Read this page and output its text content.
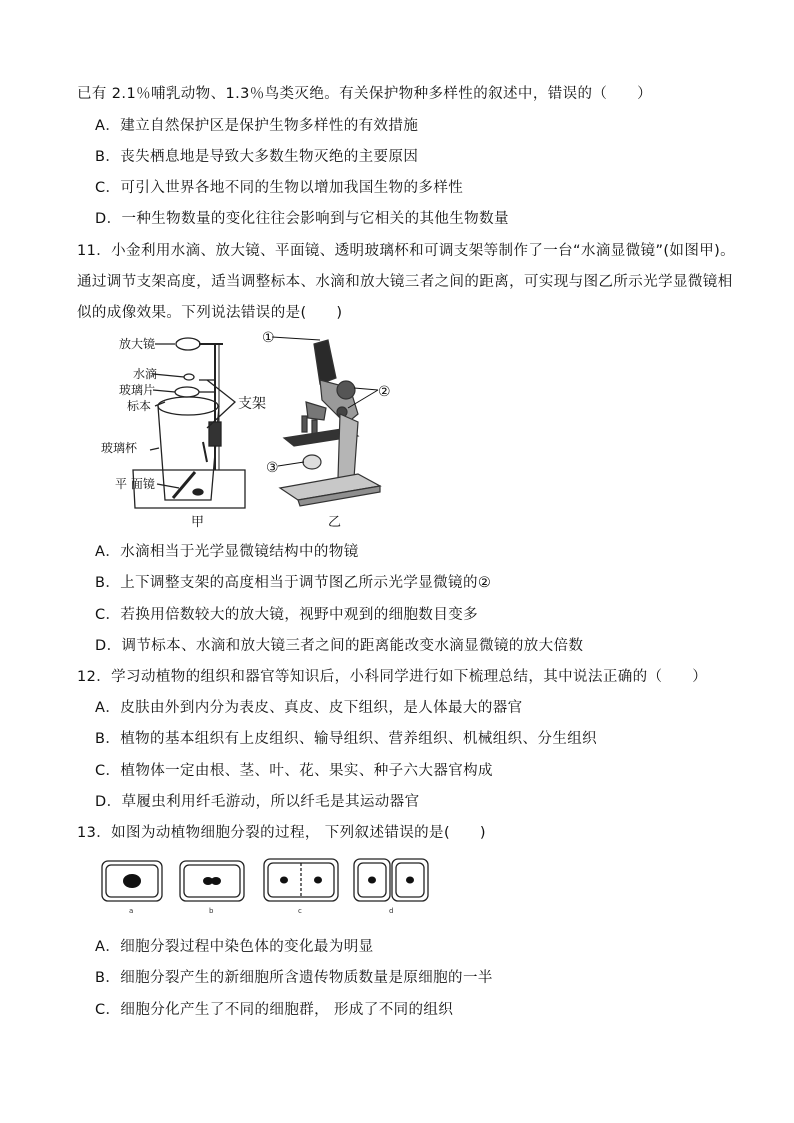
已有 2.1％哺乳动物、1.3％鸟类灭绝。有关保护物种多样性的叙述中，错误的（　　）
A．建立自然保护区是保护生物多样性的有效措施
B．丧失栖息地是导致大多数生物灭绝的主要原因
C．可引入世界各地不同的生物以增加我国生物的多样性
D．一种生物数量的变化往往会影响到与它相关的其他生物数量
11．小金利用水滴、放大镜、平面镜、透明玻璃杯和可调支架等制作了一台“水滴显微镜”(如图甲)。
通过调节支架高度，适当调整标本、水滴和放大镜三者之间的距离，可实现与图乙所示光学显微镜相
似的成像效果。下列说法错误的是(　　)
放大镜
水滴
玻璃片
标本	支架
玻璃杯
平 面镜
甲
①
②
③
乙
A．水滴相当于光学显微镜结构中的物镜
B．上下调整支架的高度相当于调节图乙所示光学显微镜的②
C．若换用倍数较大的放大镜，视野中观到的细胞数目变多
D．调节标本、水滴和放大镜三者之间的距离能改变水滴显微镜的放大倍数
12．学习动植物的组织和器官等知识后，小科同学进行如下梳理总结，其中说法正确的（　　）
A．皮肤由外到内分为表皮、真皮、皮下组织，是人体最大的器官
B．植物的基本组织有上皮组织、输导组织、营养组织、机械组织、分生组织
C．植物体一定由根、茎、叶、花、果实、种子六大器官构成
D．草履虫利用纤毛游动，所以纤毛是其运动器官
13．如图为动植物细胞分裂的过程， 下列叙述错误的是(　　)
a	b	c	d
A．细胞分裂过程中染色体的变化最为明显
B．细胞分裂产生的新细胞所含遗传物质数量是原细胞的一半
C．细胞分化产生了不同的细胞群， 形成了不同的组织
